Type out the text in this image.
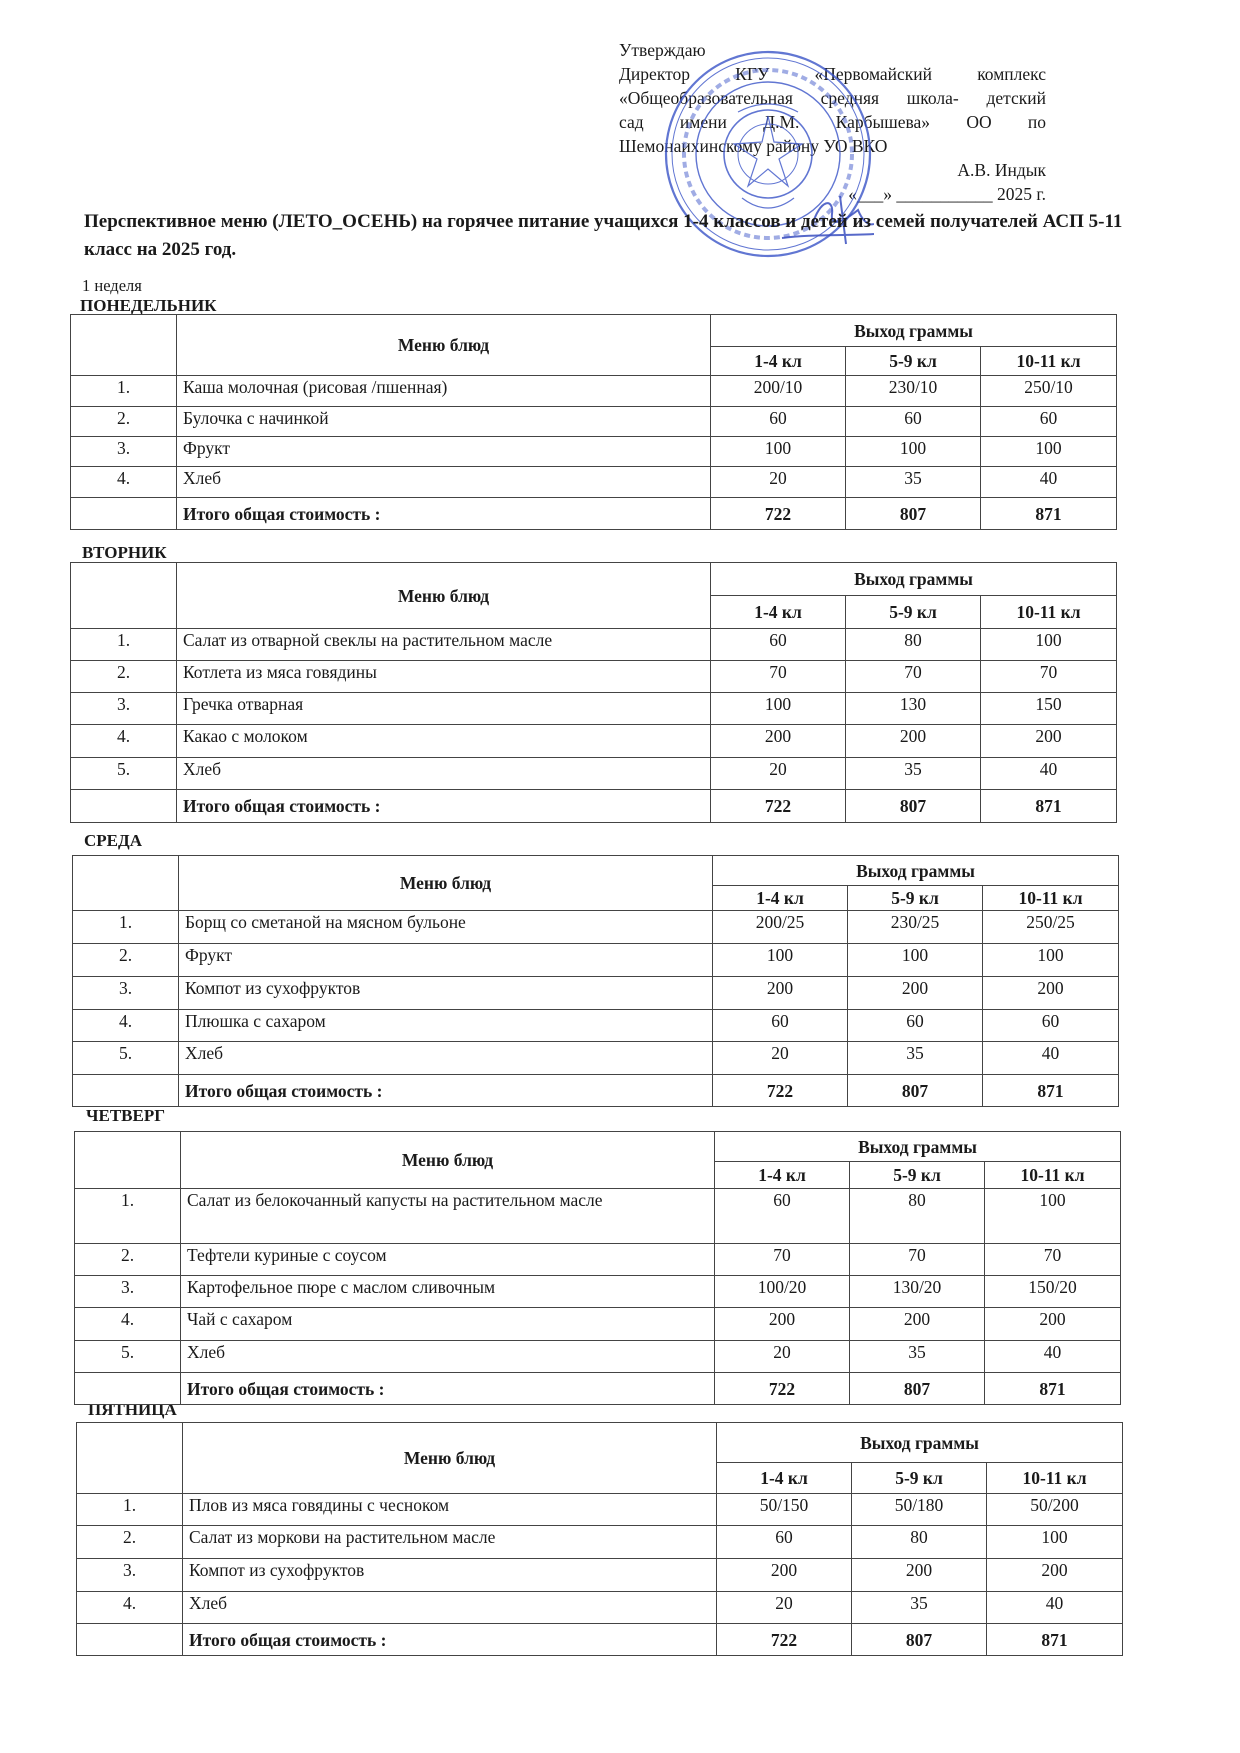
Утверждаю
Директор КГУ «Первомайский комплекс
«Общеобразовательная средняя школа- детский
сад имени Д.М. Карбышева» ОО по
Шемонаихинскому району УО ВКО
А.В. Индык
«___» ___________ 2025 г.
Перспективное меню (ЛЕТО_ОСЕНЬ) на горячее питание учащихся 1-4 классов и детей из семей получателей АСП 5-11 класс на 2025 год.
1 неделя
ПОНЕДЕЛЬНИК
ВТОРНИК
СРЕДА
ЧЕТВЕРГ
ПЯТНИЦА
	Меню блюд	Выход граммы		
		1-4 кл	5-9 кл	10-11 кл
1.	Каша молочная (рисовая /пшенная)	200/10	230/10	250/10
2.	Булочка с начинкой	60	60	60
3.	Фрукт	100	100	100
4.	Хлеб	20	35	40
	Итого общая стоимость :	722	807	871
	Меню блюд	Выход граммы		
		1-4 кл	5-9 кл	10-11 кл
1.	Салат из отварной свеклы на растительном масле	60	80	100
2.	Котлета из мяса говядины	70	70	70
3.	Гречка отварная	100	130	150
4.	Какао с молоком	200	200	200
5.	Хлеб	20	35	40
	Итого общая стоимость :	722	807	871
	Меню блюд	Выход граммы		
		1-4 кл	5-9 кл	10-11 кл
1.	Борщ со сметаной на мясном бульоне	200/25	230/25	250/25
2.	Фрукт	100	100	100
3.	Компот из сухофруктов	200	200	200
4.	Плюшка с сахаром	60	60	60
5.	Хлеб	20	35	40
	Итого общая стоимость :	722	807	871
	Меню блюд	Выход граммы		
		1-4 кл	5-9 кл	10-11 кл
1.	Салат из белокочанный капусты на растительном масле	60	80	100
2.	Тефтели куриные с соусом	70	70	70
3.	Картофельное пюре с маслом сливочным	100/20	130/20	150/20
4.	Чай с сахаром	200	200	200
5.	Хлеб	20	35	40
	Итого общая стоимость :	722	807	871
	Меню блюд	Выход граммы		
		1-4 кл	5-9 кл	10-11 кл
1.	Плов из мяса говядины с чесноком	50/150	50/180	50/200
2.	Салат из моркови на растительном масле	60	80	100
3.	Компот из сухофруктов	200	200	200
4.	Хлеб	20	35	40
	Итого общая стоимость :	722	807	871
